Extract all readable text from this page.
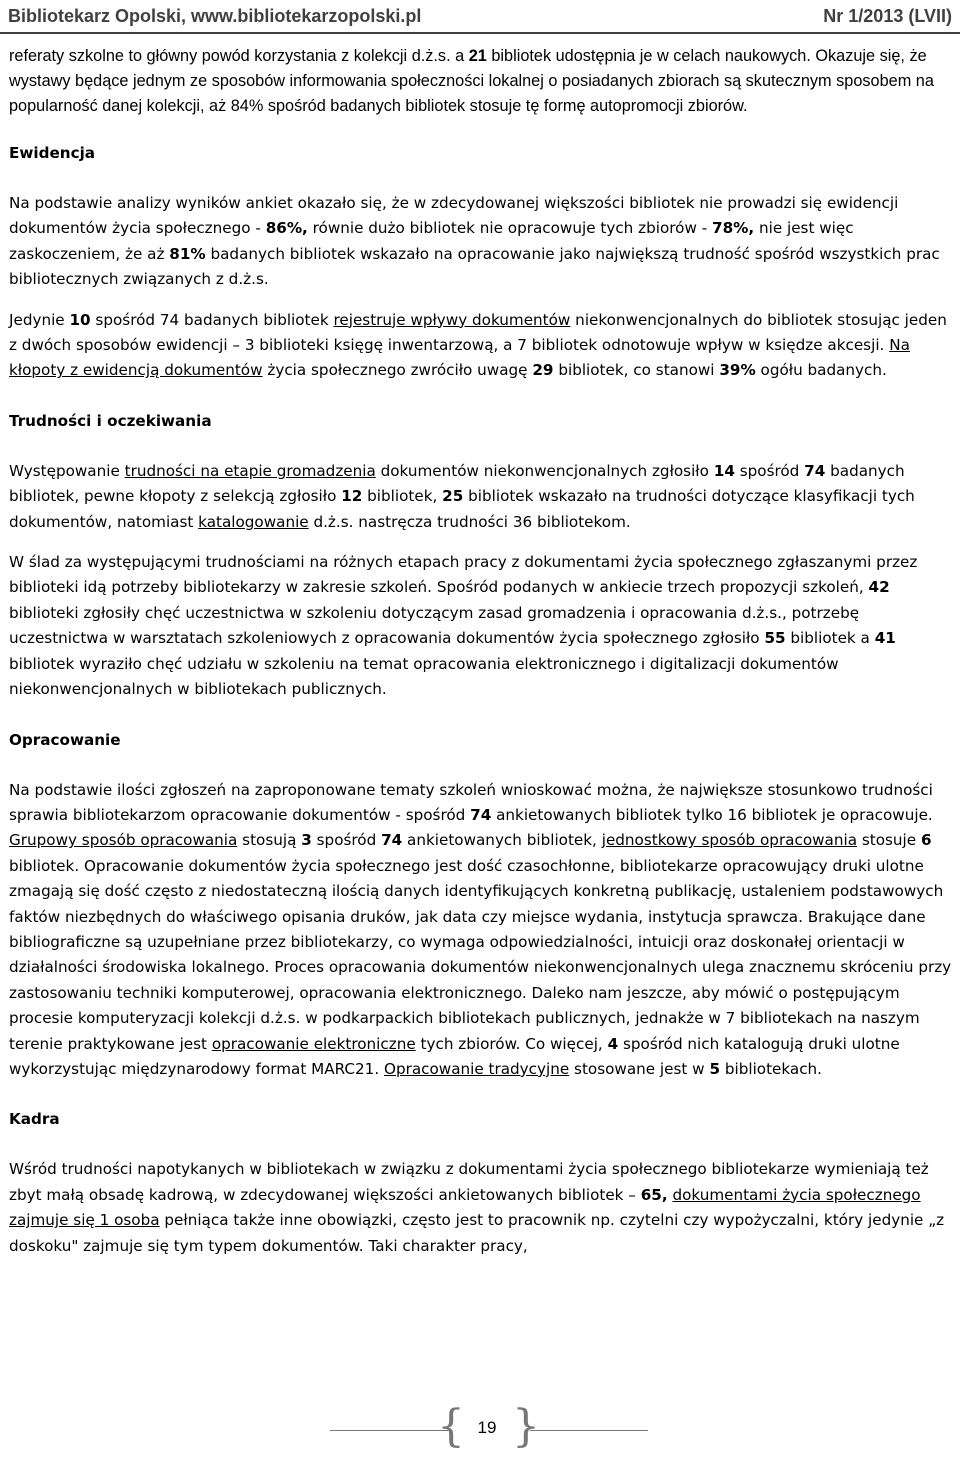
Bibliotekarz Opolski, www.bibliotekarzopolski.pl	Nr 1/2013 (LVII)

referaty szkolne to główny powód korzystania z kolekcji d.ż.s. a 21 bibliotek udostępnia je w celach naukowych. Okazuje się, że wystawy będące jednym ze sposobów informowania społeczności lokalnej o posiadanych zbiorach są skutecznym sposobem na popularność danej kolekcji, aż 84% spośród badanych bibliotek stosuje tę formę autopromocji zbiorów.

Ewidencja

Na podstawie analizy wyników ankiet okazało się, że w zdecydowanej większości bibliotek nie prowadzi się ewidencji dokumentów życia społecznego - 86%, równie dużo bibliotek nie opracowuje tych zbiorów - 78%, nie jest więc zaskoczeniem, że aż 81% badanych bibliotek wskazało na opracowanie jako największą trudność spośród wszystkich prac bibliotecznych związanych z d.ż.s.

Jedynie 10 spośród 74 badanych bibliotek rejestruje wpływy dokumentów niekonwencjonalnych do bibliotek stosując jeden z dwóch sposobów ewidencji – 3 biblioteki księgę inwentarzową, a 7 bibliotek odnotowuje wpływ w księdze akcesji. Na kłopoty z ewidencją dokumentów życia społecznego zwróciło uwagę 29 bibliotek, co stanowi 39% ogółu badanych.

Trudności i oczekiwania

Występowanie trudności na etapie gromadzenia dokumentów niekonwencjonalnych zgłosiło 14 spośród 74 badanych bibliotek, pewne kłopoty z selekcją zgłosiło 12 bibliotek, 25 bibliotek wskazało na trudności dotyczące klasyfikacji tych dokumentów, natomiast katalogowanie d.ż.s. nastręcza trudności 36 bibliotekom.

W ślad za występującymi trudnościami na różnych etapach pracy z dokumentami życia społecznego zgłaszanymi przez biblioteki idą potrzeby bibliotekarzy w zakresie szkoleń. Spośród podanych w ankiecie trzech propozycji szkoleń, 42 biblioteki zgłosiły chęć uczestnictwa w szkoleniu dotyczącym zasad gromadzenia i opracowania d.ż.s., potrzebę uczestnictwa w warsztatach szkoleniowych z opracowania dokumentów życia społecznego zgłosiło 55 bibliotek a 41 bibliotek wyraziło chęć udziału w szkoleniu na temat opracowania elektronicznego i digitalizacji dokumentów niekonwencjonalnych w bibliotekach publicznych.

Opracowanie

Na podstawie ilości zgłoszeń na zaproponowane tematy szkoleń wnioskować można, że największe stosunkowo trudności sprawia bibliotekarzom opracowanie dokumentów - spośród 74 ankietowanych bibliotek tylko 16 bibliotek je opracowuje. Grupowy sposób opracowania stosują 3 spośród 74 ankietowanych bibliotek, jednostkowy sposób opracowania stosuje 6 bibliotek. Opracowanie dokumentów życia społecznego jest dość czasochłonne, bibliotekarze opracowujący druki ulotne zmagają się dość często z niedostateczną ilością danych identyfikujących konkretną publikację, ustaleniem podstawowych faktów niezbędnych do właściwego opisania druków, jak data czy miejsce wydania, instytucja sprawcza. Brakujące dane bibliograficzne są uzupełniane przez bibliotekarzy, co wymaga odpowiedzialności, intuicji oraz doskonałej orientacji w działalności środowiska lokalnego. Proces opracowania dokumentów niekonwencjonalnych ulega znacznemu skróceniu przy zastosowaniu techniki komputerowej, opracowania elektronicznego. Daleko nam jeszcze, aby mówić o postępującym procesie komputeryzacji kolekcji d.ż.s. w podkarpackich bibliotekach publicznych, jednakże w 7 bibliotekach na naszym terenie praktykowane jest opracowanie elektroniczne tych zbiorów. Co więcej, 4 spośród nich katalogują druki ulotne wykorzystując międzynarodowy format MARC21. Opracowanie tradycyjne stosowane jest w 5 bibliotekach.

Kadra

Wśród trudności napotykanych w bibliotekach w związku z dokumentami życia społecznego bibliotekarze wymieniają też zbyt małą obsadę kadrową, w zdecydowanej większości ankietowanych bibliotek – 65, dokumentami życia społecznego zajmuje się 1 osoba pełniąca także inne obowiązki, często jest to pracownik np. czytelni czy wypożyczalni, który jedynie „z doskoku" zajmuje się tym typem dokumentów. Taki charakter pracy,

{ 19 }
